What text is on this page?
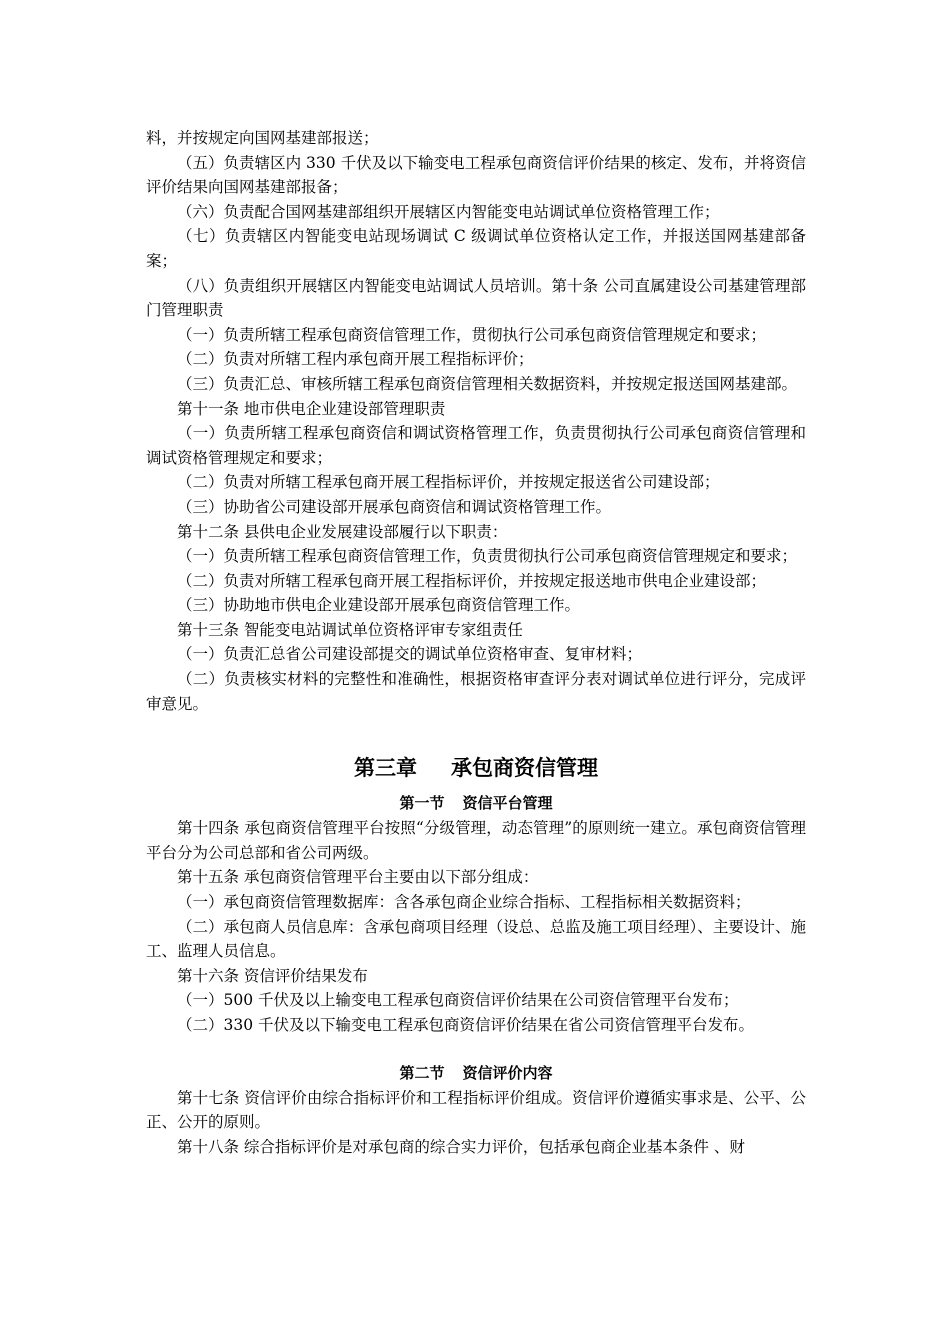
料，并按规定向国网基建部报送；

（五）负责辖区内 330 千伏及以下输变电工程承包商资信评价结果的核定、发布，并将资信评价结果向国网基建部报备；

（六）负责配合国网基建部组织开展辖区内智能变电站调试单位资格管理工作；

（七）负责辖区内智能变电站现场调试 C 级调试单位资格认定工作，并报送国网基建部备案；

（八）负责组织开展辖区内智能变电站调试人员培训。第十条 公司直属建设公司基建管理部门管理职责

（一）负责所辖工程承包商资信管理工作，贯彻执行公司承包商资信管理规定和要求；

（二）负责对所辖工程内承包商开展工程指标评价；

（三）负责汇总、审核所辖工程承包商资信管理相关数据资料，并按规定报送国网基建部。

第十一条 地市供电企业建设部管理职责

（一）负责所辖工程承包商资信和调试资格管理工作，负责贯彻执行公司承包商资信管理和调试资格管理规定和要求；

（二）负责对所辖工程承包商开展工程指标评价，并按规定报送省公司建设部；

（三）协助省公司建设部开展承包商资信和调试资格管理工作。

第十二条 县供电企业发展建设部履行以下职责：

（一）负责所辖工程承包商资信管理工作，负责贯彻执行公司承包商资信管理规定和要求；

（二）负责对所辖工程承包商开展工程指标评价，并按规定报送地市供电企业建设部；

（三）协助地市供电企业建设部开展承包商资信管理工作。

第十三条 智能变电站调试单位资格评审专家组责任

（一）负责汇总省公司建设部提交的调试单位资格审查、复审材料；

（二）负责核实材料的完整性和准确性，根据资格审查评分表对调试单位进行评分，完成评审意见。

第三章 承包商资信管理

第一节 资信平台管理

第十四条 承包商资信管理平台按照“分级管理，动态管理”的原则统一建立。承包商资信管理平台分为公司总部和省公司两级。

第十五条 承包商资信管理平台主要由以下部分组成：

（一）承包商资信管理数据库：含各承包商企业综合指标、工程指标相关数据资料；

（二）承包商人员信息库：含承包商项目经理（设总、总监及施工项目经理）、主要设计、施工、监理人员信息。

第十六条 资信评价结果发布

（一）500 千伏及以上输变电工程承包商资信评价结果在公司资信管理平台发布；

（二）330 千伏及以下输变电工程承包商资信评价结果在省公司资信管理平台发布。

第二节 资信评价内容

第十七条 资信评价由综合指标评价和工程指标评价组成。资信评价遵循实事求是、公平、公正、公开的原则。

第十八条 综合指标评价是对承包商的综合实力评价，包括承包商企业基本条件 、财
